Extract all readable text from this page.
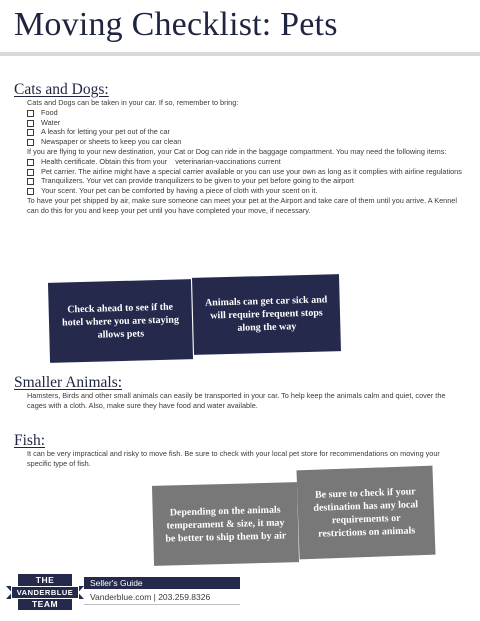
Moving Checklist: Pets
Cats and Dogs:
Cats and Dogs can be taken in your car. If so, remember to bring:
Food
Water
A leash for letting your pet out of the car
Newspaper or sheets to keep you car clean
If you are flying to your new destination, your Cat or Dog can ride in the baggage compartment. You may need the following items:
Health certificate. Obtain this from your    veterinarian-vaccinations current
Pet carrier. The airline might have a special carrier available or you can use your own as long as it complies with airline regulations
Tranquilizers. Your vet can provide tranquilizers to be given to your pet before going to the airport
Your scent. Your pet can be comforted by having a piece of cloth with your scent on it.
To have your pet shipped by air, make sure someone can meet your pet at the Airport and take care of them until you arrive. A Kennel can do this for you and keep your pet until you have completed your move, if necessary.
Check ahead to see if the hotel where you are staying allows pets
Animals can get car sick and will require frequent stops along the way
Smaller Animals:
Hamsters, Birds and other small animals can easily be transported in your car. To help keep the animals calm and quiet, cover the cages with a cloth. Also, make sure they have food and water available.
Fish:
It can be very impractical and risky to move fish. Be sure to check with your local pet store for recommendations on moving your specific type of fish.
Depending on the animals temperament & size, it may be better to ship them by air
Be sure to check if your destination has any local requirements or restrictions on animals
THE
VANDERBLUE
TEAM
Seller's Guide
Vanderblue.com | 203.259.8326
